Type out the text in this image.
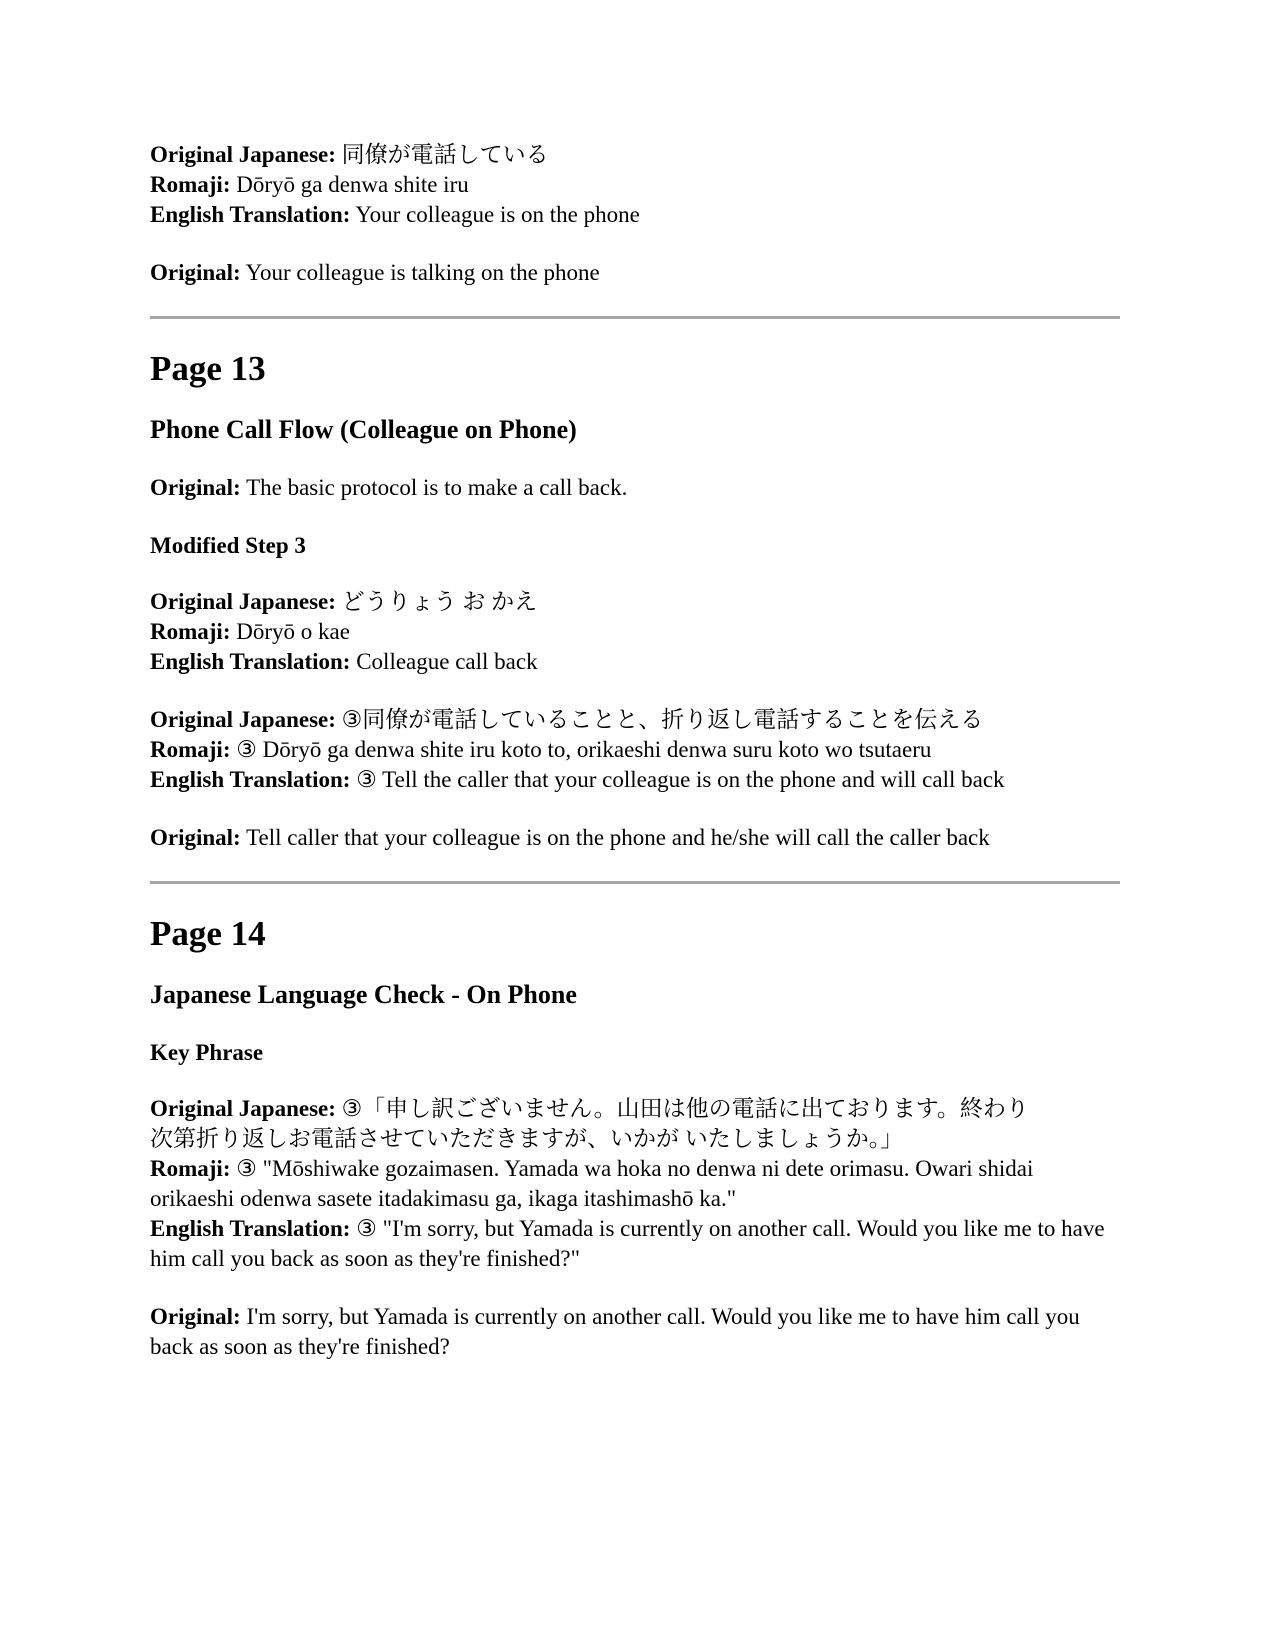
Original Japanese: 同僚が電話している

Romaji: Dōryō ga denwa shite iru

English Translation: Your colleague is on the phone

Original: Your colleague is talking on the phone

Page 13
Phone Call Flow (Colleague on Phone)

Original: The basic protocol is to make a call back.

Modified Step 3

Original Japanese: どうりょう お かえ

Romaji: Dōryō o kae

English Translation: Colleague call back

Original Japanese: ③同僚が電話していることと、折り返し電話することを伝える

Romaji: ③ Dōryō ga denwa shite iru koto to, orikaeshi denwa suru koto wo tsutaeru

English Translation: ③ Tell the caller that your colleague is on the phone and will call back

Original: Tell caller that your colleague is on the phone and he/she will call the caller back

Page 14
Japanese Language Check - On Phone
Key Phrase

Original Japanese: ③「申し訳ございません。山田は他の電話に出ております。終わり

次第折り返しお電話させていただきますが、いかが いたしましょうか。」

Romaji: ③ "Mōshiwake gozaimasen. Yamada wa hoka no denwa ni dete orimasu. Owari shidai orikaeshi odenwa sasete itadakimasu ga, ikaga itashimashō ka."

English Translation: ③ "I'm sorry, but Yamada is currently on another call. Would you like me to have him call you back as soon as they're finished?"

Original: I'm sorry, but Yamada is currently on another call. Would you like me to have him call you back as soon as they're finished?
